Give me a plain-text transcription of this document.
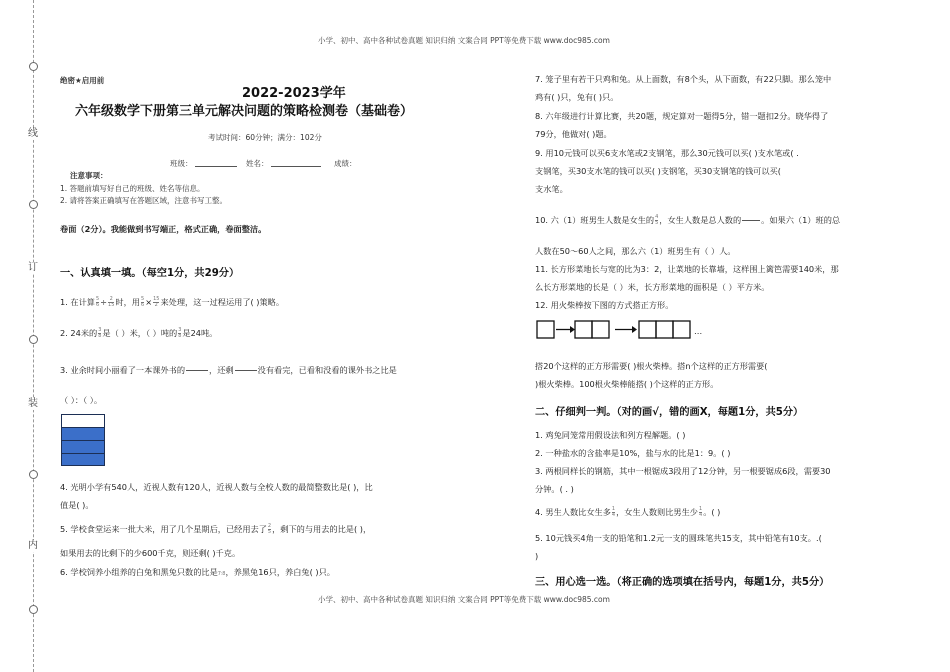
线
订
装
内
小学、初中、高中各种试卷真题 知识归纳 文案合同 PPT等免费下载 www.doc985.com
小学、初中、高中各种试卷真题 知识归纳 文案合同 PPT等免费下载 www.doc985.com
绝密★启用前
2022-2023学年
六年级数学下册第三单元解决问题的策略检测卷（基础卷）
考试时间：60分钟；满分：102分
班级：	姓名：	成绩：
注意事项：
1. 答题前填写好自己的班级、姓名等信息。
2. 请将答案正确填写在答题区域，注意书写工整。
卷面（2分）。我能做到书写端正，格式正确，卷面整洁。
一、认真填一填。（每空1分，共29分）
1. 在计算 $\frac{5}{6} \div \frac{2}{15}$ 时，用 $\frac{5}{6} \times \frac{15}{2}$ 来处理，这一过程运用了( )策略。
2. 24米的 $\frac{3}{8}$ 是（ ）米，（ ）吨的 $\frac{3}{8}$ 是24吨。
3. 业余时间小丽看了一本课外书的	，还剩	没有看完，已看和没看的课外书之比是
（ ）：（ ）。
4. 光明小学有540人，近视人数有120人，近视人数与全校人数的最简整数比是( )，比
值是( )。
5. 学校食堂运来一批大米，用了几个星期后，已经用去了 $\frac{2}{5}$ ，剩下的与用去的比是( )，
如果用去的比剩下的少600千克，则还剩( )千克。
6. 学校饲养小组养的白兔和黑兔只数的比是7∶8，养黑兔16只，养白兔( )只。
7. 笼子里有若干只鸡和兔。从上面数，有8个头，从下面数，有22只脚。那么笼中
鸡有( )只，兔有( )只。
8. 六年级进行计算比赛，共20题，规定算对一题得5分，错一题扣2分。晓华得了
79分，他做对( )题。
9. 用10元钱可以买6支水笔或2支钢笔，那么30元钱可以买( )支水笔或( .
支钢笔，买30支水笔的钱可以买( )支钢笔，买30支钢笔的钱可以买(
支水笔。
10. 六（1）班男生人数是女生的 $\frac{4}{5}$ ，女生人数是总人数的 。如果六（1）班的总
人数在50～60人之间，那么六（1）班男生有（ ）人。
11. 长方形菜地长与宽的比为3：2，让菜地的长靠墙，这样围上篱笆需要140米，那
么长方形菜地的长是（ ）米，长方形菜地的面积是（ ）平方米。
12. 用火柴棒按下图的方式搭正方形。
…
搭20个这样的正方形需要( )根火柴棒。搭n个这样的正方形需要(
)根火柴棒。100根火柴棒能搭( )个这样的正方形。
二、仔细判一判。（对的画√，错的画X，每题1分，共5分）
1. 鸡兔同笼常用假设法和列方程解题。( )
2. 一种盐水的含盐率是10%，盐与水的比是1：9。( )
3. 两根同样长的钢筋，其中一根锯成3段用了12分钟，另一根要锯成6段，需要30
分钟。( . )
4. 男生人数比女生多 $\frac{1}{4}$ ，女生人数则比男生少 $\frac{1}{4}$ 。( )
5. 10元钱买4角一支的铅笔和1.2元一支的圆珠笔共15支，其中铅笔有10支。.(
)
三、用心选一选。（将正确的选项填在括号内，每题1分，共5分）
